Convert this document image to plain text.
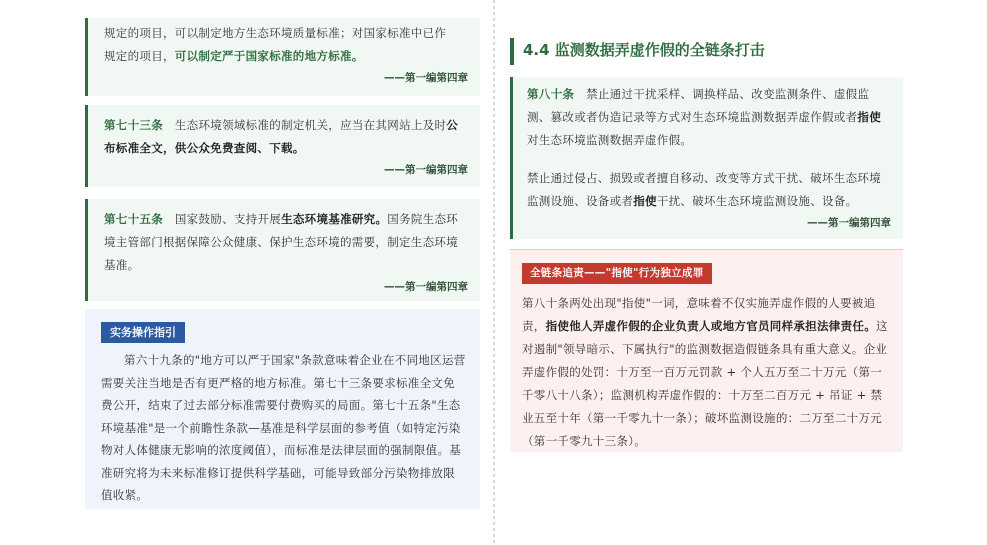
规定的项目，可以制定地方生态环境质量标准；对国家标准中已作
规定的项目，可以制定严于国家标准的地方标准。
——第一编第四章
第七十三条 生态环境领域标准的制定机关，应当在其网站上及时公布标准全文，供公众免费查阅、下载。
——第一编第四章
第七十五条 国家鼓励、支持开展生态环境基准研究。国务院生态环境主管部门根据保障公众健康、保护生态环境的需要，制定生态环境基准。
——第一编第四章
实务操作指引
第六十九条的"地方可以严于国家"条款意味着企业在不同地区运营需要关注当地是否有更严格的地方标准。第七十三条要求标准全文免费公开，结束了过去部分标准需要付费购买的局面。第七十五条"生态环境基准"是一个前瞻性条款—基准是科学层面的参考值（如特定污染物对人体健康无影响的浓度阈值），而标准是法律层面的强制限值。基准研究将为未来标准修订提供科学基础，可能导致部分污染物排放限值收紧。
4.4 监测数据弄虚作假的全链条打击
第八十条 禁止通过干扰采样、调换样品、改变监测条件、虚假监测、篡改或者伪造记录等方式对生态环境监测数据弄虚作假或者指使对生态环境监测数据弄虚作假。
禁止通过侵占、损毁或者擅自移动、改变等方式干扰、破坏生态环境监测设施、设备或者指使干扰、破坏生态环境监测设施、设备。
——第一编第四章
全链条追责——"指使"行为独立成罪
第八十条两处出现"指使"一词，意味着不仅实施弄虚作假的人要被追责，指使他人弄虚作假的企业负责人或地方官员同样承担法律责任。这对遏制"领导暗示、下属执行"的监测数据造假链条具有重大意义。企业弄虚作假的处罚：十万至一百万元罚款 + 个人五万至二十万元（第一千零八十八条）；监测机构弄虚作假的：十万至二百万元 + 吊证 + 禁业五至十年（第一千零九十一条）；破坏监测设施的：二万至二十万元（第一千零九十三条）。
